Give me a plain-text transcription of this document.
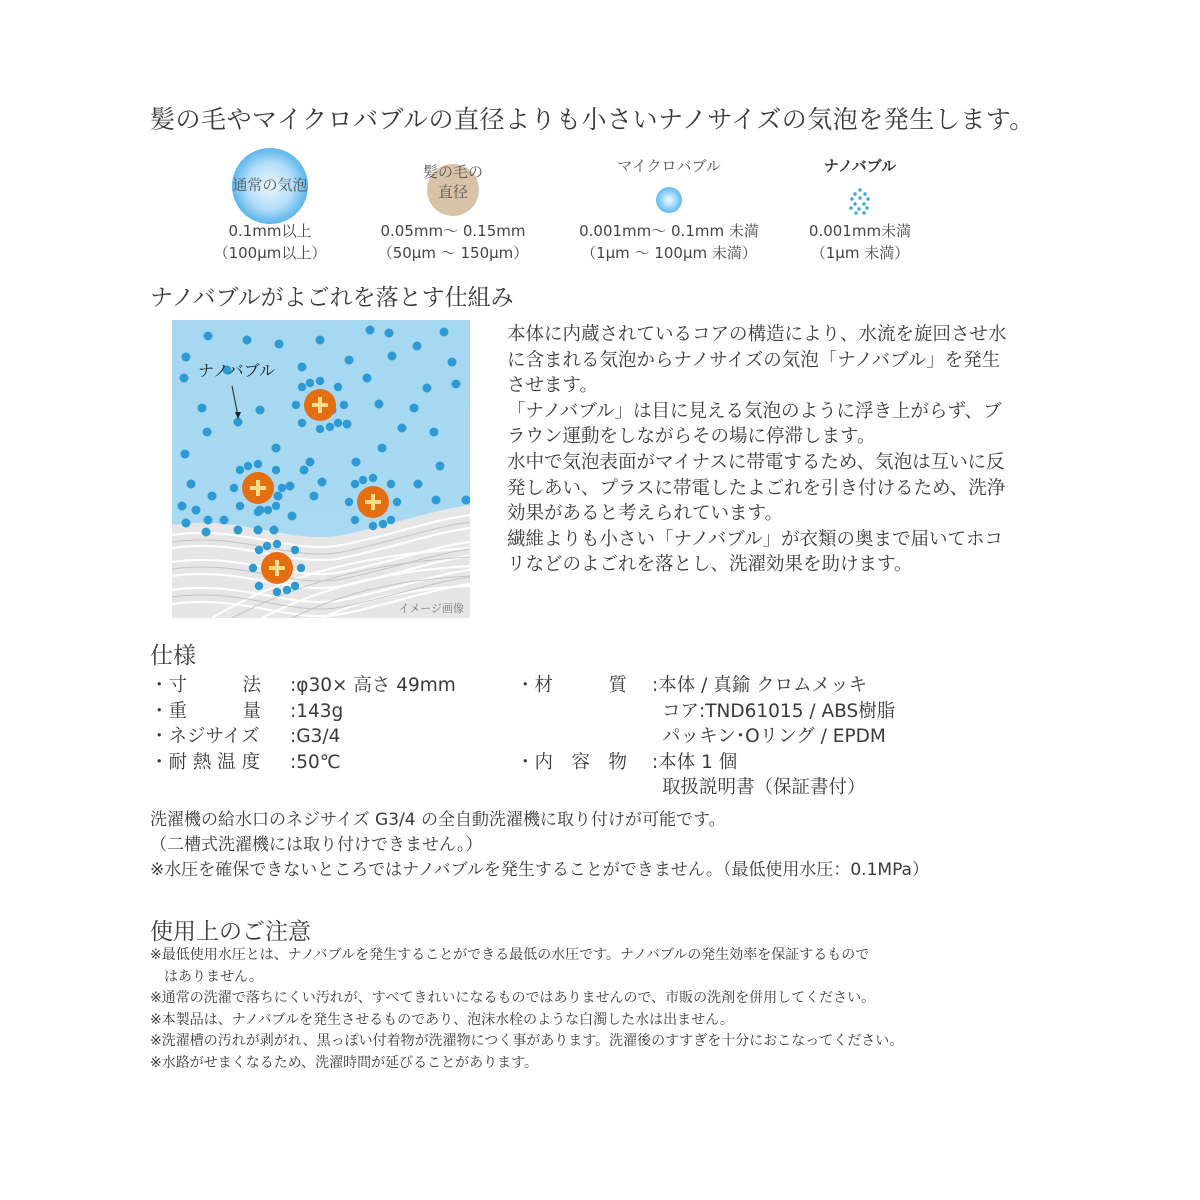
髪の毛やマイクロバブルの直径よりも小さいナノサイズの気泡を発生します。
通常の気泡
0.1mm以上
（100µm以上）
髪の毛の
直径
0.05mm～ 0.15mm
（50µm ～ 150µm）
マイクロバブル
0.001mm～ 0.1mm 未満
（1µm ～ 100µm 未満）
ナノバブル
0.001mm未満
（1µm 未満）
ナノバブルがよごれを落とす仕組み
ナノバブル
イメージ画像

本体に内蔵されているコアの構造により、水流を旋回させ水に含まれる気泡からナノサイズの気泡「ナノバブル」を発生させます。

「ナノバブル」は目に見える気泡のように浮き上がらず、ブラウン運動をしながらその場に停滞します。

水中で気泡表面がマイナスに帯電するため、気泡は互いに反発しあい、プラスに帯電したよごれを引き付けるため、洗浄効果があると考えられています。

繊維よりも小さい「ナノバブル」が衣類の奥まで届いてホコリなどのよごれを落とし、洗濯効果を助けます。

仕様
・寸　　　法 :φ30× 高さ 49mm
・重　　　量 :143g
・ネジサイズ :G3/4
・耐 熱 温 度 :50℃
・材　　　質 :本体 / 真鍮 クロムメッキ
コア:TND61015 / ABS樹脂
パッキン･Oリング / EPDM
・内　容　物 :本体 1 個
取扱説明書（保証書付）
洗濯機の給水口のネジサイズ G3/4 の全自動洗濯機に取り付けが可能です。
（二槽式洗濯機には取り付けできません。）
※水圧を確保できないところではナノバブルを発生することができません。（最低使用水圧：0.1MPa）
使用上のご注意
※最低使用水圧とは、ナノバブルを発生することができる最低の水圧です。ナノバブルの発生効率を保証するもので
　はありません。
※通常の洗濯で落ちにくい汚れが、すべてきれいになるものではありませんので、市販の洗剤を併用してください。
※本製品は、ナノバブルを発生させるものであり、泡沫水栓のような白濁した水は出ません。
※洗濯槽の汚れが剥がれ、黒っぽい付着物が洗濯物につく事があります。洗濯後のすすぎを十分におこなってください。
※水路がせまくなるため、洗濯時間が延びることがあります。
